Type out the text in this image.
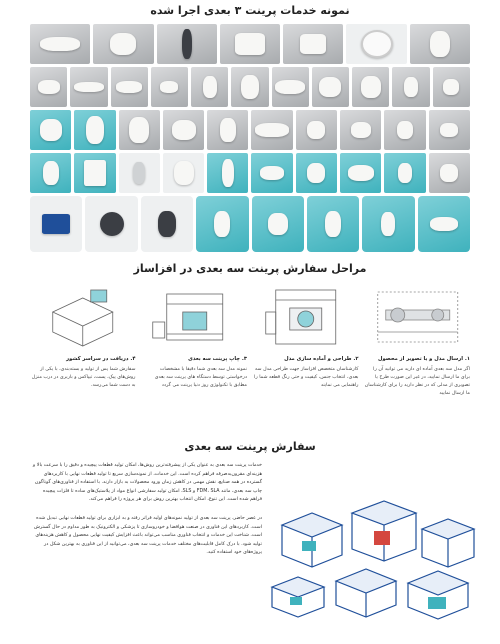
نمونه خدمات پرینت ۳ بعدی اجرا شده
مراحل سفارش پرینت سه بعدی در افزاساز
۱. ارسال مدل و یا تصویر از محصول
اگر مدل سه بعدی آماده ای دارید می توانید آن را برای ما ارسال نمایید، در غیر این صورت طرح یا تصویری از مدلی که در نظر دارید را برای کارشناسان ما ارسال نمایید
۲. طراحی و آماده سازی مدل
کارشناسان متخصص افزاساز جهت طراحی مدل سه بعدی، انتخاب جنس، کیفیت و حتی رنگ قطعه شما را راهنمایی می نمایند
۳. چاپ پرینت سه بعدی
نمونه مدل سه بعدی شما دقیقا با مشخصات درخواستی توسط دستگاه های پرینت سه بعدی مطابق با تکنولوژی روز دنیا پرینت می گردد
۴. دریافت در سراسر کشور
سفارش شما پس از تولید و بسته‌بندی، با یکی از روش‌های پیک، پست، تیپاکس و باربری در درب منزل به دست شما می‌رسد.
سفارش پرینت سه بعدی

خدمات پرینت سه بعدی به عنوان یکی از پیشرفته‌ترین روش‌ها، امکان تولید قطعات پیچیده و دقیق را با سرعت بالا و هزینه‌ای مقرون‌به‌صرفه فراهم کرده است. این خدمات، از نمونه‌سازی سریع تا تولید قطعات نهایی با کاربردهای گسترده در همه صنایع، نقش مهمی در کاهش زمان ورود محصولات به بازار دارند. با استفاده از فناوری‌های گوناگون چاپ سه بعدی، مانند FDM، SLA و SLS، امکان تولید سفارشی انواع مواد از پلاستیک‌های ساده تا فلزات پیچیده فراهم شده است. این تنوع، امکان انتخاب بهترین روش برای هر پروژه را فراهم می‌کند.

در عصر حاضر، پرینت سه بعدی از تولید نمونه‌های اولیه فراتر رفته و به ابزاری برای تولید قطعات نهایی تبدیل شده است. کاربردهای این فناوری در صنعت هوافضا و خودروسازی تا پزشکی و الکترونیک به طور مداوم در حال گسترش است. شناخت این خدمات و انتخاب فناوری مناسب می‌تواند باعث افزایش کیفیت نهایی محصول و کاهش هزینه‌های تولید شود. با درک کامل قابلیت‌های مختلف خدمات پرینت سه بعدی، می‌توانید از این فناوری به بهترین شکل در پروژه‌های خود استفاده کنید.
